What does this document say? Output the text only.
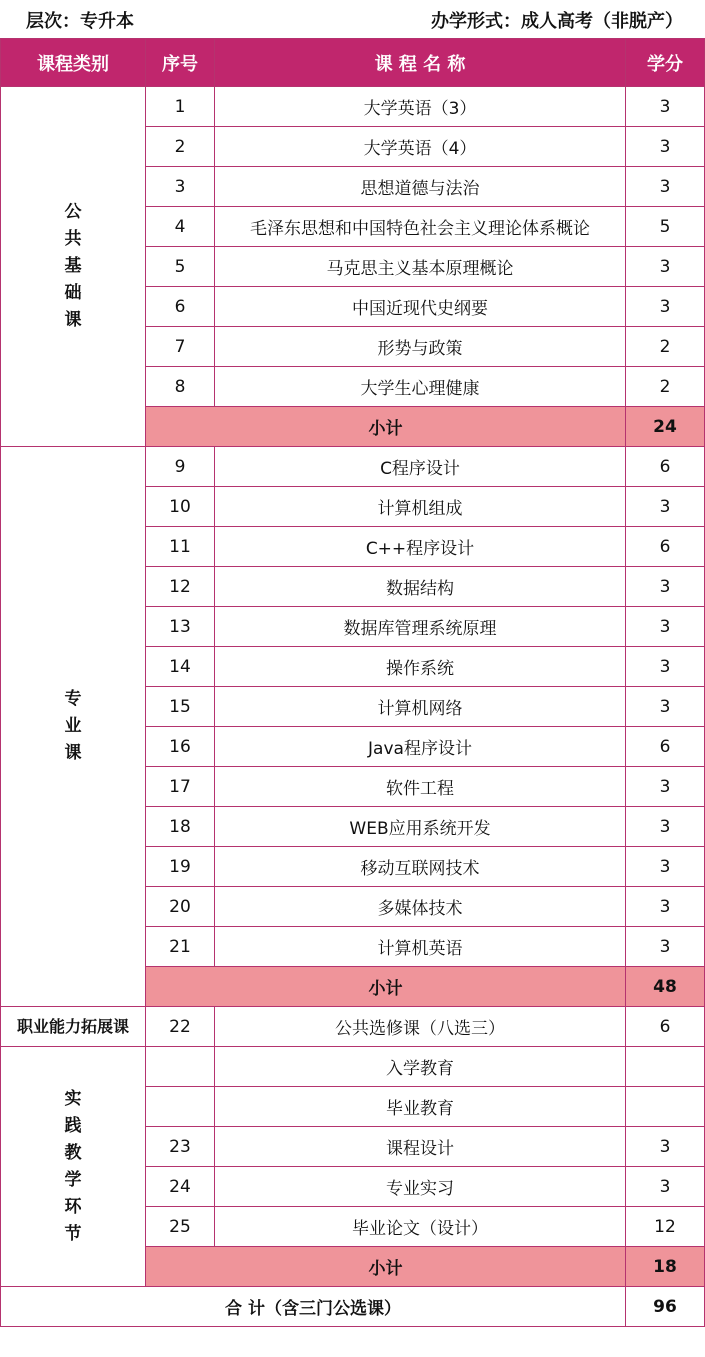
层次：专升本	办学形式：成人高考（非脱产）
课程类别	序号	课 程 名 称	学分
公共基础课	1	大学英语（3）	3
	2	大学英语（4）	3
	3	思想道德与法治	3
	4	毛泽东思想和中国特色社会主义理论体系概论	5
	5	马克思主义基本原理概论	3
	6	中国近现代史纲要	3
	7	形势与政策	2
	8	大学生心理健康	2
	小计		24
专业课	9	C程序设计	6
	10	计算机组成	3
	11	C++程序设计	6
	12	数据结构	3
	13	数据库管理系统原理	3
	14	操作系统	3
	15	计算机网络	3
	16	Java程序设计	6
	17	软件工程	3
	18	WEB应用系统开发	3
	19	移动互联网技术	3
	20	多媒体技术	3
	21	计算机英语	3
	小计		48
职业能力拓展课	22	公共选修课（八选三）	6
实践教学环节		入学教育	
		毕业教育	
	23	课程设计	3
	24	专业实习	3
	25	毕业论文（设计）	12
	小计		18
合 计（含三门公选课）			96
